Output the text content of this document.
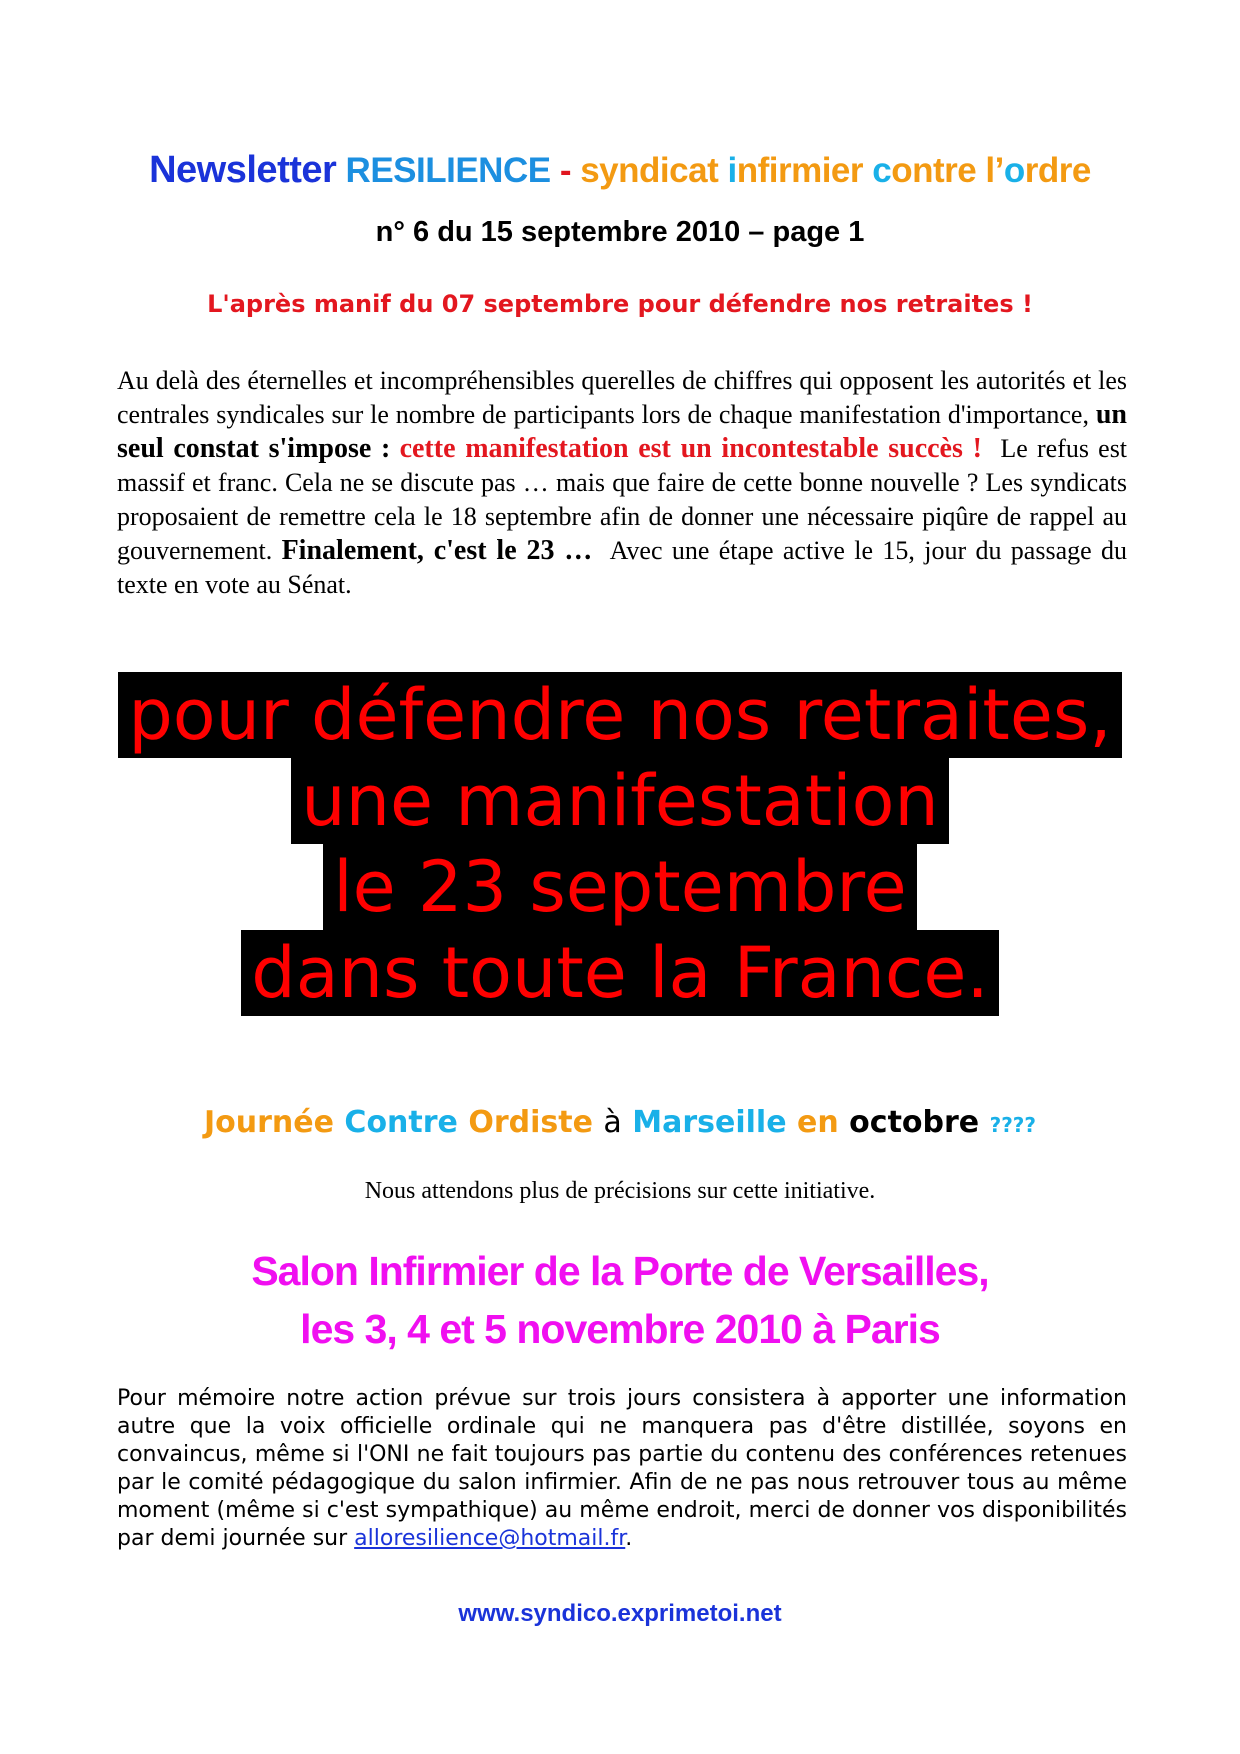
Newsletter RESILIENCE - syndicat infirmier contre l’ordre
n° 6 du 15 septembre 2010 – page 1
L'après manif du 07 septembre pour défendre nos retraites !
Au delà des éternelles et incompréhensibles querelles de chiffres qui opposent les autorités et les centrales syndicales sur le nombre de participants lors de chaque manifestation d'importance, un seul constat s'impose : cette manifestation est un incontestable succès ! Le refus est massif et franc. Cela ne se discute pas … mais que faire de cette bonne nouvelle ? Les syndicats proposaient de remettre cela le 18 septembre afin de donner une nécessaire piqûre de rappel au gouvernement. Finalement, c'est le 23 … Avec une étape active le 15, jour du passage du texte en vote au Sénat.
pour défendre nos retraites,
une manifestation
le 23 septembre
dans toute la France.
Journée Contre Ordiste à Marseille en octobre ????
Nous attendons plus de précisions sur cette initiative.
Salon Infirmier de la Porte de Versailles,
les 3, 4 et 5 novembre 2010 à Paris
Pour mémoire notre action prévue sur trois jours consistera à apporter une information autre que la voix officielle ordinale qui ne manquera pas d'être distillée, soyons en convaincus, même si l'ONI ne fait toujours pas partie du contenu des conférences retenues par le comité pédagogique du salon infirmier. Afin de ne pas nous retrouver tous au même moment (même si c'est sympathique) au même endroit, merci de donner vos disponibilités par demi journée sur alloresilience@hotmail.fr.
www.syndico.exprimetoi.net
